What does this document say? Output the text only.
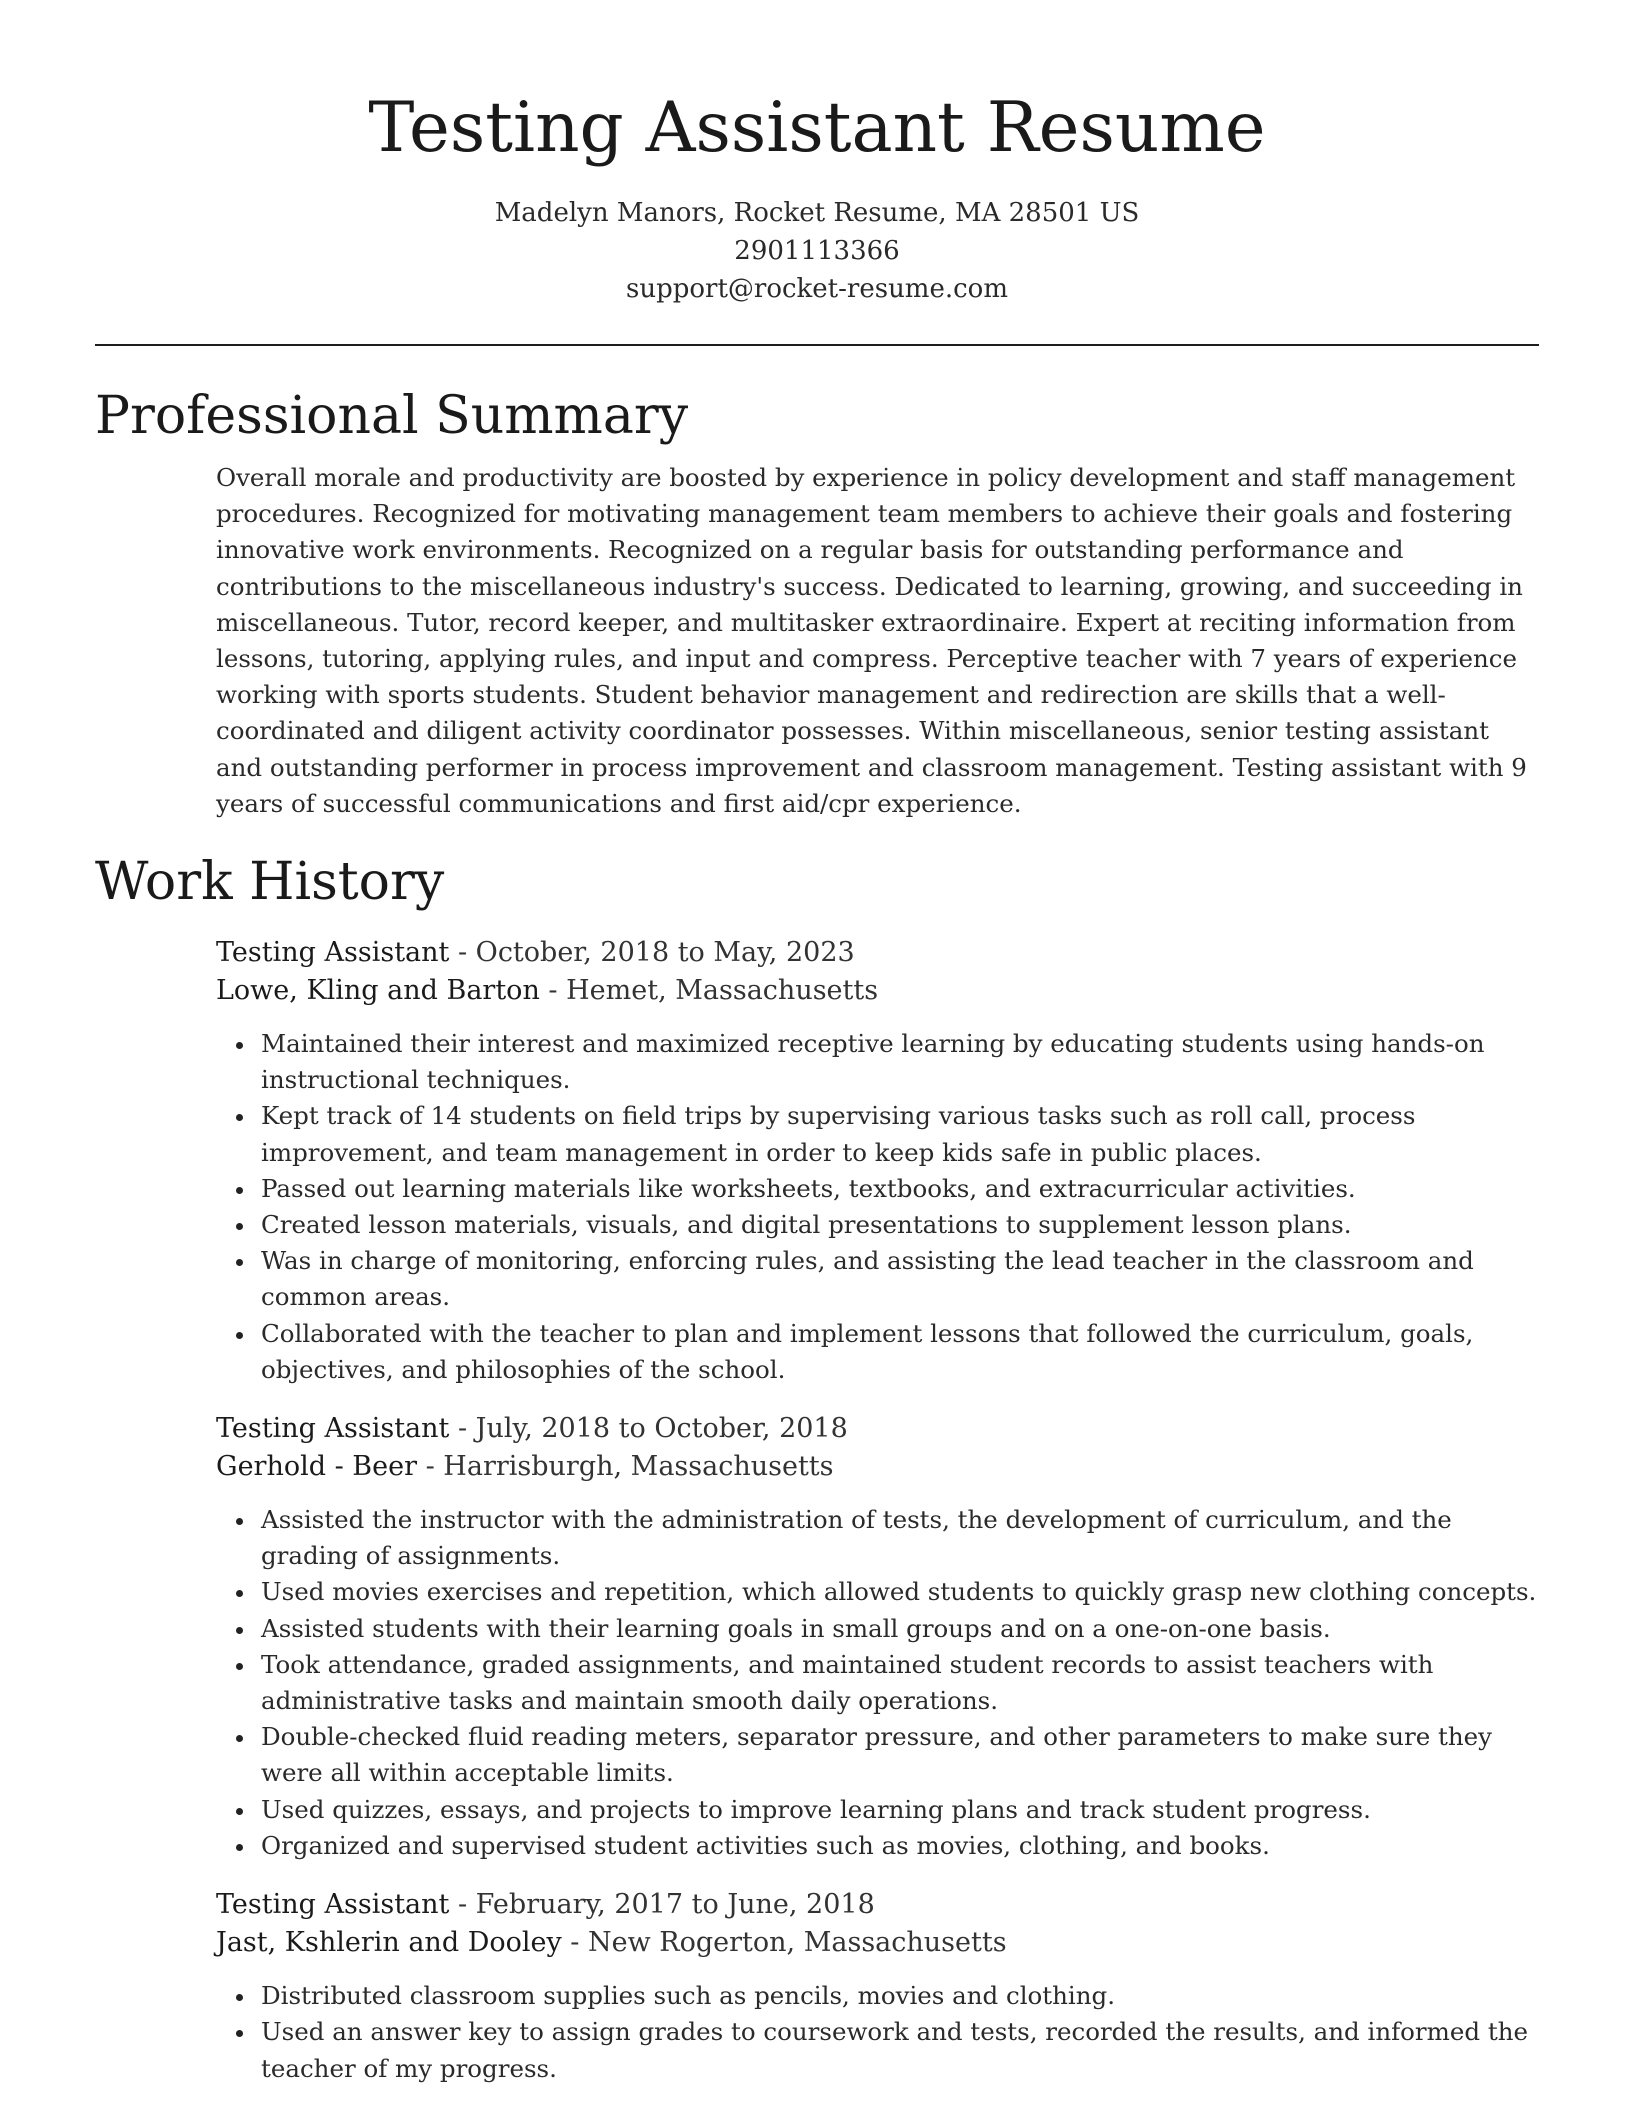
Testing Assistant Resume
Madelyn Manors, Rocket Resume, MA 28501 US
2901113366
support@rocket-resume.com
Professional Summary

Overall morale and productivity are boosted by experience in policy development and staff management procedures. Recognized for motivating management team members to achieve their goals and fostering innovative work environments. Recognized on a regular basis for outstanding performance and contributions to the miscellaneous industry's success. Dedicated to learning, growing, and succeeding in miscellaneous. Tutor, record keeper, and multitasker extraordinaire. Expert at reciting information from lessons, tutoring, applying rules, and input and compress. Perceptive teacher with 7 years of experience working with sports students. Student behavior management and redirection are skills that a well-coordinated and diligent activity coordinator possesses. Within miscellaneous, senior testing assistant and outstanding performer in process improvement and classroom management. Testing assistant with 9 years of successful communications and first aid/cpr experience.

Work History
Testing Assistant - October, 2018 to May, 2023
Lowe, Kling and Barton - Hemet, Massachusetts
Maintained their interest and maximized receptive learning by educating students using hands-on instructional techniques.
Kept track of 14 students on field trips by supervising various tasks such as roll call, process improvement, and team management in order to keep kids safe in public places.
Passed out learning materials like worksheets, textbooks, and extracurricular activities.
Created lesson materials, visuals, and digital presentations to supplement lesson plans.
Was in charge of monitoring, enforcing rules, and assisting the lead teacher in the classroom and common areas.
Collaborated with the teacher to plan and implement lessons that followed the curriculum, goals, objectives, and philosophies of the school.
Testing Assistant - July, 2018 to October, 2018
Gerhold - Beer - Harrisburgh, Massachusetts
Assisted the instructor with the administration of tests, the development of curriculum, and the grading of assignments.
Used movies exercises and repetition, which allowed students to quickly grasp new clothing concepts.
Assisted students with their learning goals in small groups and on a one-on-one basis.
Took attendance, graded assignments, and maintained student records to assist teachers with administrative tasks and maintain smooth daily operations.
Double-checked fluid reading meters, separator pressure, and other parameters to make sure they were all within acceptable limits.
Used quizzes, essays, and projects to improve learning plans and track student progress.
Organized and supervised student activities such as movies, clothing, and books.
Testing Assistant - February, 2017 to June, 2018
Jast, Kshlerin and Dooley - New Rogerton, Massachusetts
Distributed classroom supplies such as pencils, movies and clothing.
Used an answer key to assign grades to coursework and tests, recorded the results, and informed the teacher of my progress.
